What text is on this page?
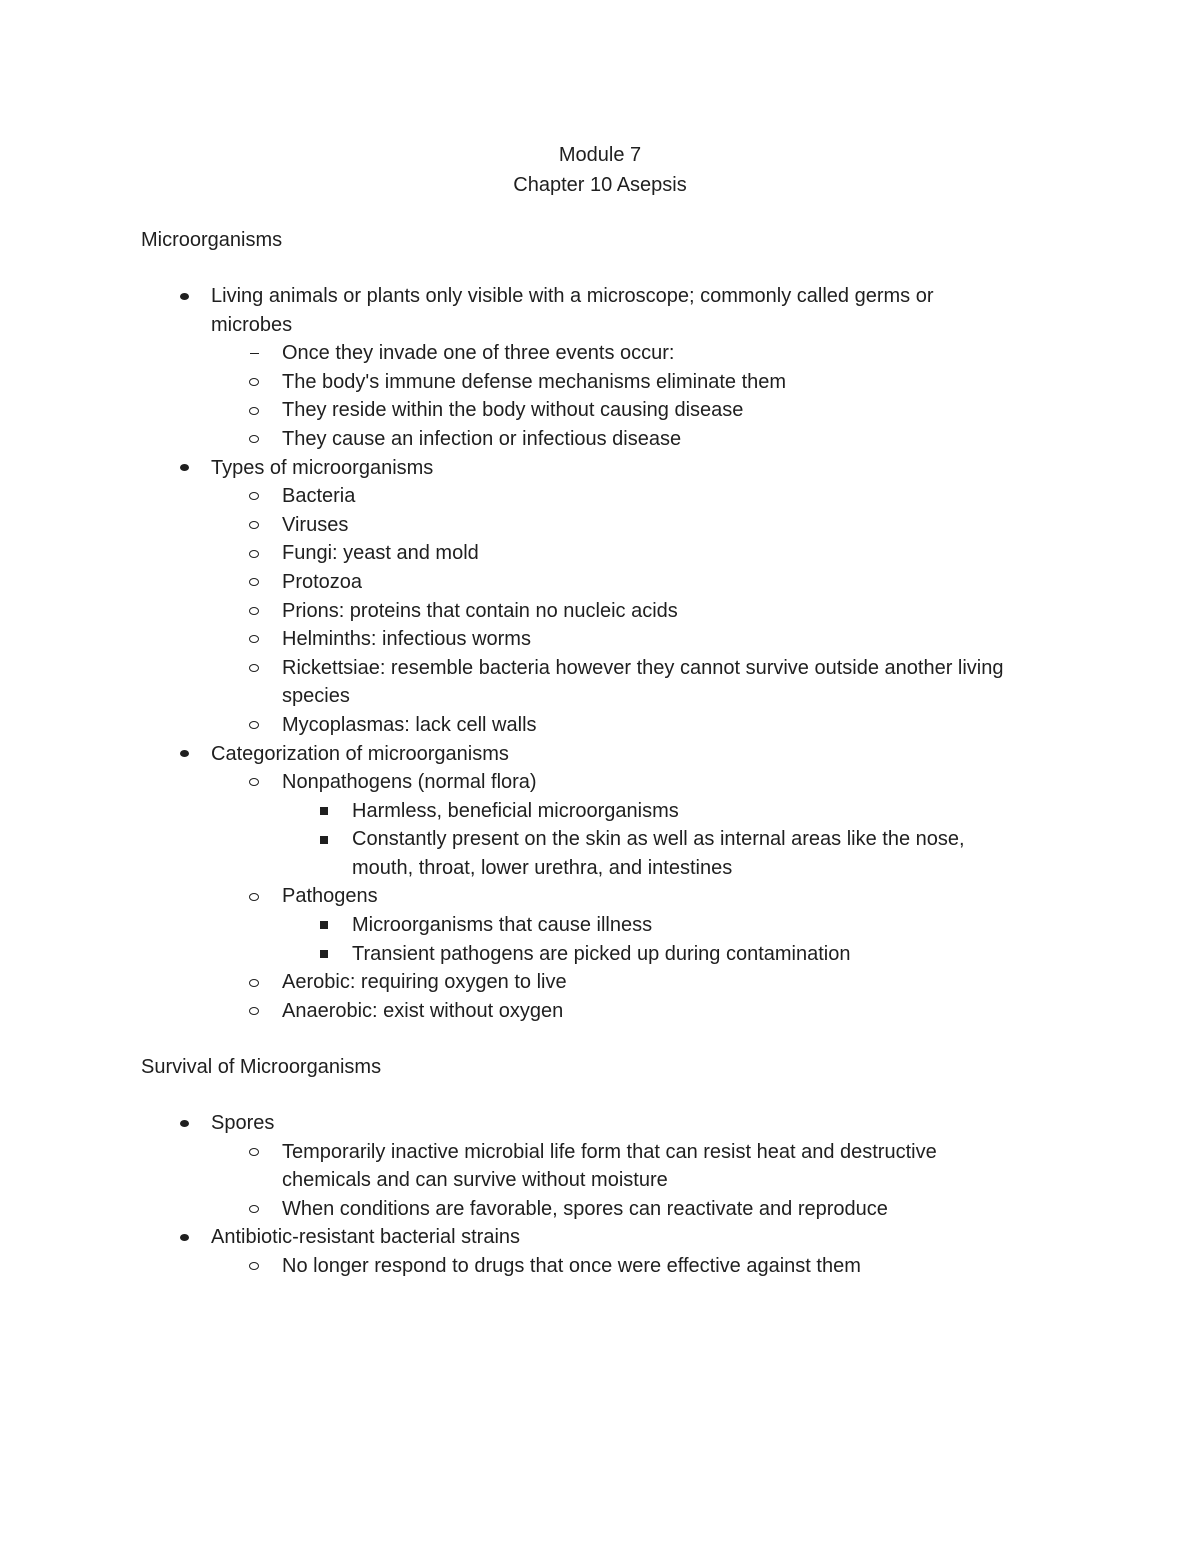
Module 7
Chapter 10 Asepsis
Microorganisms
Living animals or plants only visible with a microscope; commonly called germs or microbes
Once they invade one of three events occur:
The body's immune defense mechanisms eliminate them
They reside within the body without causing disease
They cause an infection or infectious disease
Types of microorganisms
Bacteria
Viruses
Fungi: yeast and mold
Protozoa
Prions: proteins that contain no nucleic acids
Helminths: infectious worms
Rickettsiae: resemble bacteria however they cannot survive outside another living species
Mycoplasmas: lack cell walls
Categorization of microorganisms
Nonpathogens (normal flora)
Harmless, beneficial microorganisms
Constantly present on the skin as well as internal areas like the nose, mouth, throat, lower urethra, and intestines
Pathogens
Microorganisms that cause illness
Transient pathogens are picked up during contamination
Aerobic: requiring oxygen to live
Anaerobic: exist without oxygen
Survival of Microorganisms
Spores
Temporarily inactive microbial life form that can resist heat and destructive chemicals and can survive without moisture
When conditions are favorable, spores can reactivate and reproduce
Antibiotic-resistant bacterial strains
No longer respond to drugs that once were effective against them
